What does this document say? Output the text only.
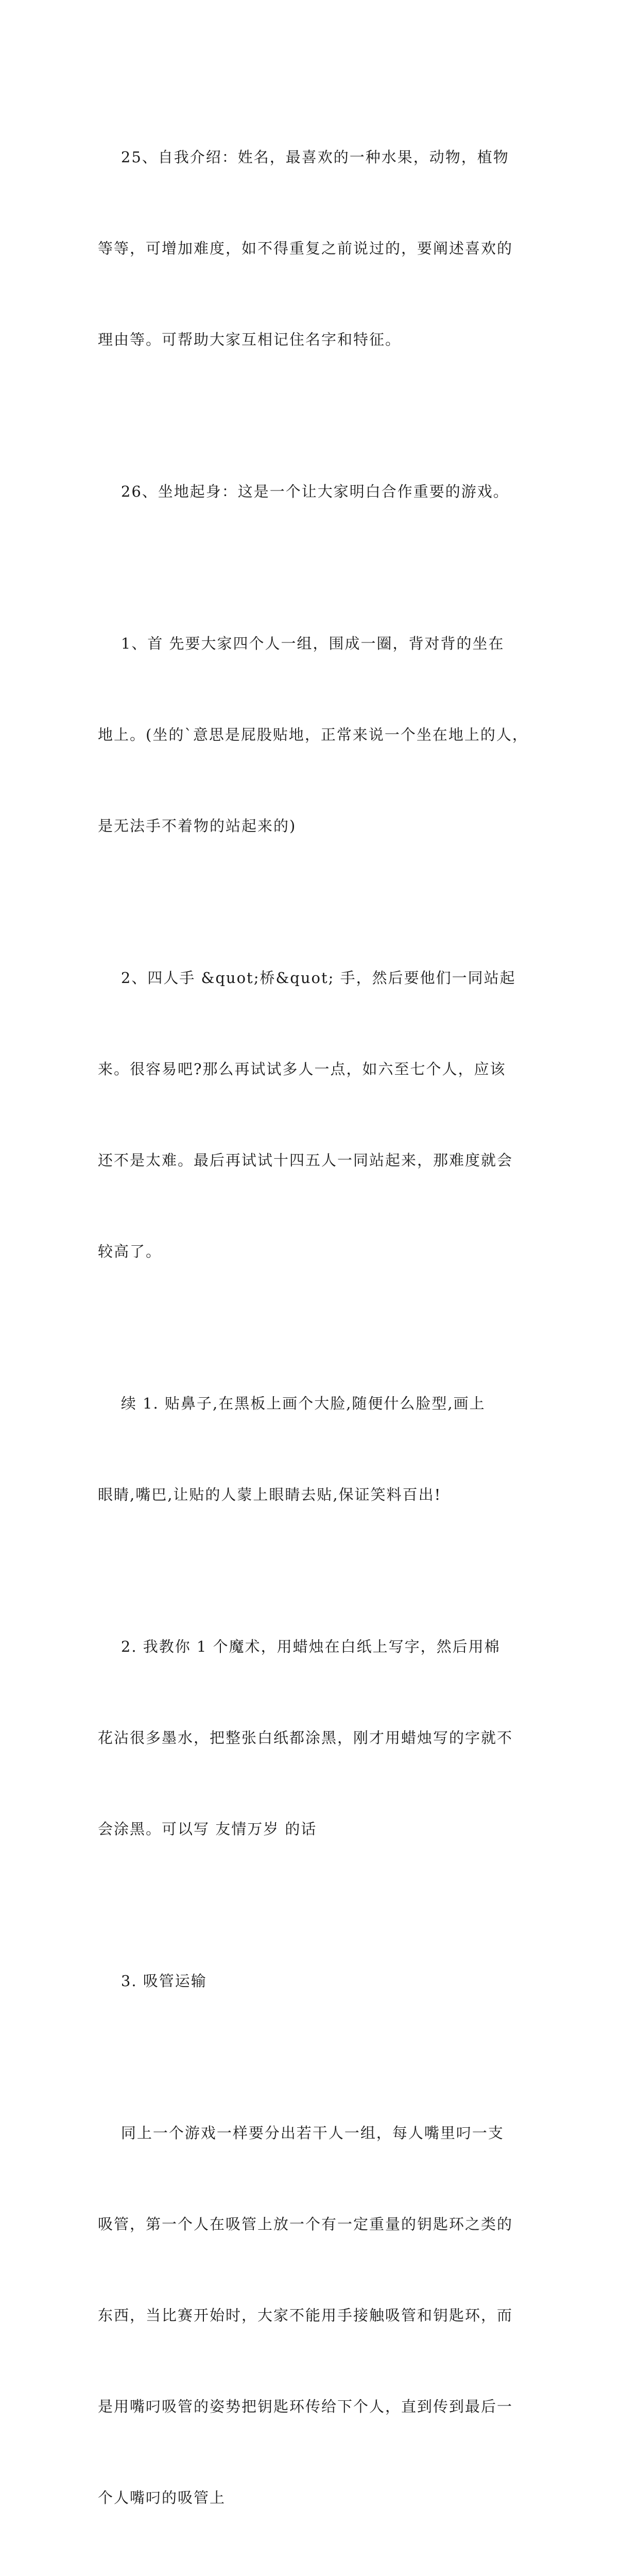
25、自我介绍：姓名，最喜欢的一种水果，动物，植物

等等，可增加难度，如不得重复之前说过的，要阐述喜欢的

理由等。可帮助大家互相记住名字和特征。

26、坐地起身：这是一个让大家明白合作重要的游戏。

1、首 先要大家四个人一组，围成一圈，背对背的坐在

地上。(坐的`意思是屁股贴地，正常来说一个坐在地上的人，

是无法手不着物的站起来的)

2、四人手 &quot;桥&quot; 手，然后要他们一同站起

来。很容易吧?那么再试试多人一点，如六至七个人，应该

还不是太难。最后再试试十四五人一同站起来，那难度就会

较高了。

续 1. 贴鼻子,在黑板上画个大脸,随便什么脸型,画上

眼睛,嘴巴,让贴的人蒙上眼睛去贴,保证笑料百出!

2. 我教你 1 个魔术，用蜡烛在白纸上写字，然后用棉

花沾很多墨水，把整张白纸都涂黑，刚才用蜡烛写的字就不

会涂黑。可以写 友情万岁 的话

3. 吸管运输

同上一个游戏一样要分出若干人一组，每人嘴里叼一支

吸管，第一个人在吸管上放一个有一定重量的钥匙环之类的

东西，当比赛开始时，大家不能用手接触吸管和钥匙环，而

是用嘴叼吸管的姿势把钥匙环传给下个人，直到传到最后一

个人嘴叼的吸管上
